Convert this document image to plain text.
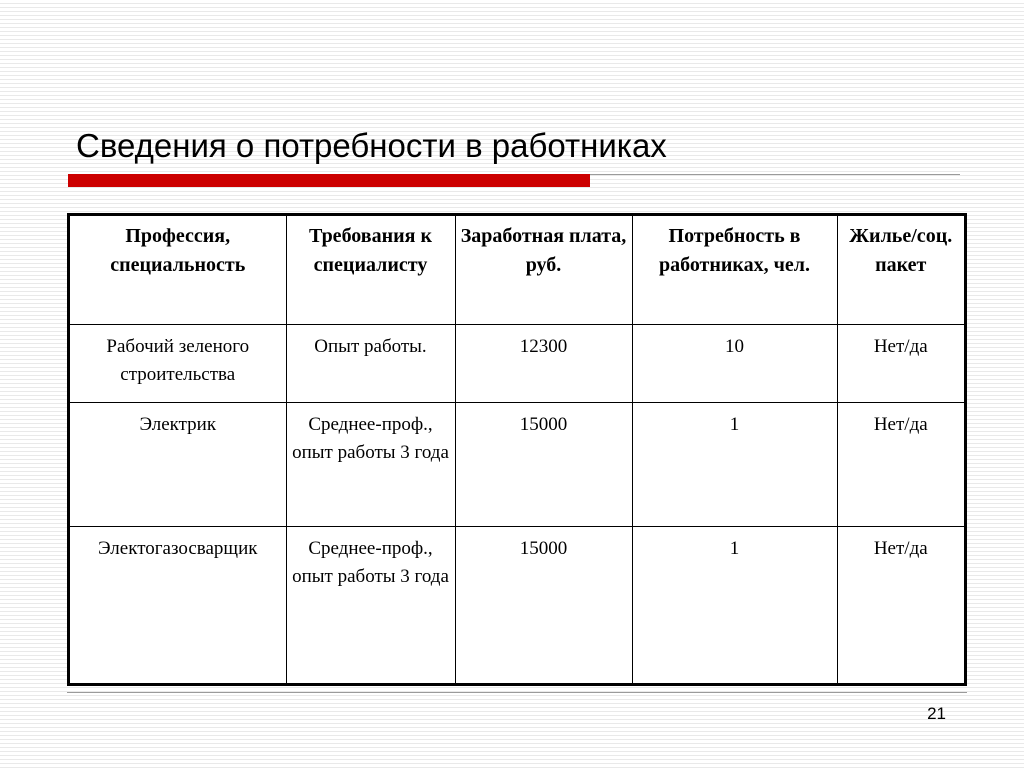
Сведения о потребности в работниках
Профессия, специальность	Требования к специалисту	Заработная плата, руб.	Потребность в работниках, чел.	Жилье/соц. пакет
Рабочий зеленого строительства	Опыт работы.	12300	10	Нет/да
Электрик	Среднее-проф., опыт работы 3 года	15000	1	Нет/да
Электогазосварщик	Среднее-проф., опыт работы 3 года	15000	1	Нет/да
21
